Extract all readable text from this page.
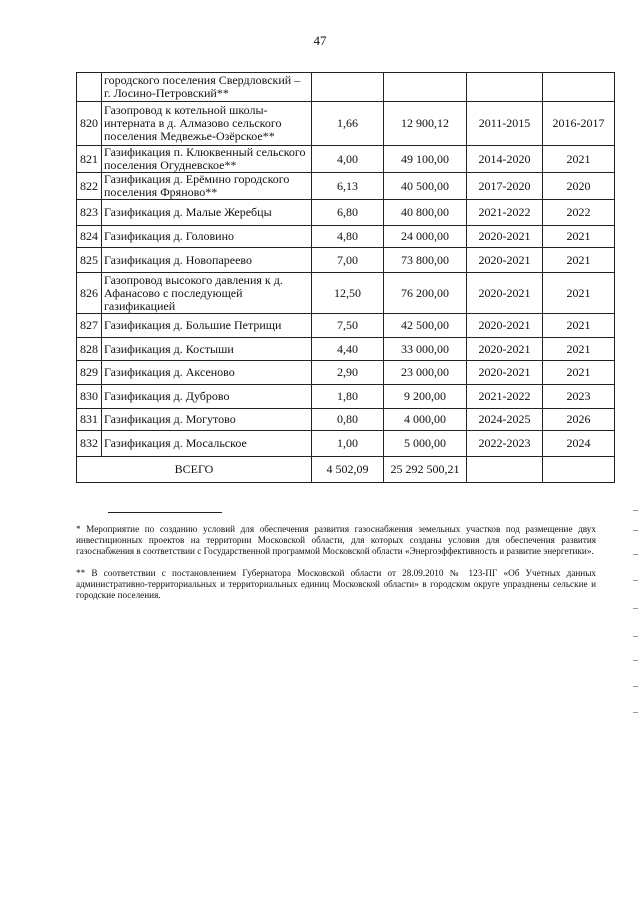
47
	городского поселения Свердловский – г. Лосино-Петровский**				
820	Газопровод к котельной школы-интерната в д. Алмазово сельского поселения Медвежье-Озёрское**	1,66	12 900,12	2011-2015	2016-2017
821	Газификация п. Клюквенный сельского поселения Огудневское**	4,00	49 100,00	2014-2020	2021
822	Газификация д. Ерёмино городского поселения Фряново**	6,13	40 500,00	2017-2020	2020
823	Газификация д. Малые Жеребцы	6,80	40 800,00	2021-2022	2022
824	Газификация д. Головино	4,80	24 000,00	2020-2021	2021
825	Газификация д. Новопареево	7,00	73 800,00	2020-2021	2021
826	Газопровод высокого давления к д. Афанасово с последующей газификацией	12,50	76 200,00	2020-2021	2021
827	Газификация д. Большие Петрищи	7,50	42 500,00	2020-2021	2021
828	Газификация д. Костыши	4,40	33 000,00	2020-2021	2021
829	Газификация д. Аксеново	2,90	23 000,00	2020-2021	2021
830	Газификация д. Дуброво	1,80	9 200,00	2021-2022	2023
831	Газификация д. Могутово	0,80	4 000,00	2024-2025	2026
832	Газификация д. Мосальское	1,00	5 000,00	2022-2023	2024
ВСЕГО		4 502,09	25 292 500,21		

* Мероприятие по созданию условий для обеспечения развития газоснабжения земельных участков под размещение двух инвестиционных проектов на территории Московской области, для которых созданы условия для обеспечения развития газоснабжения в соответствии с Государственной программой Московской области «Энергоэффективность и развитие энергетики».

** В соответствии с постановлением Губернатора Московской области от 28.09.2010 № 123-ПГ «Об Учетных данных административно-территориальных и территориальных единиц Московской области» в городском округе упразднены сельские и городские поселения.
